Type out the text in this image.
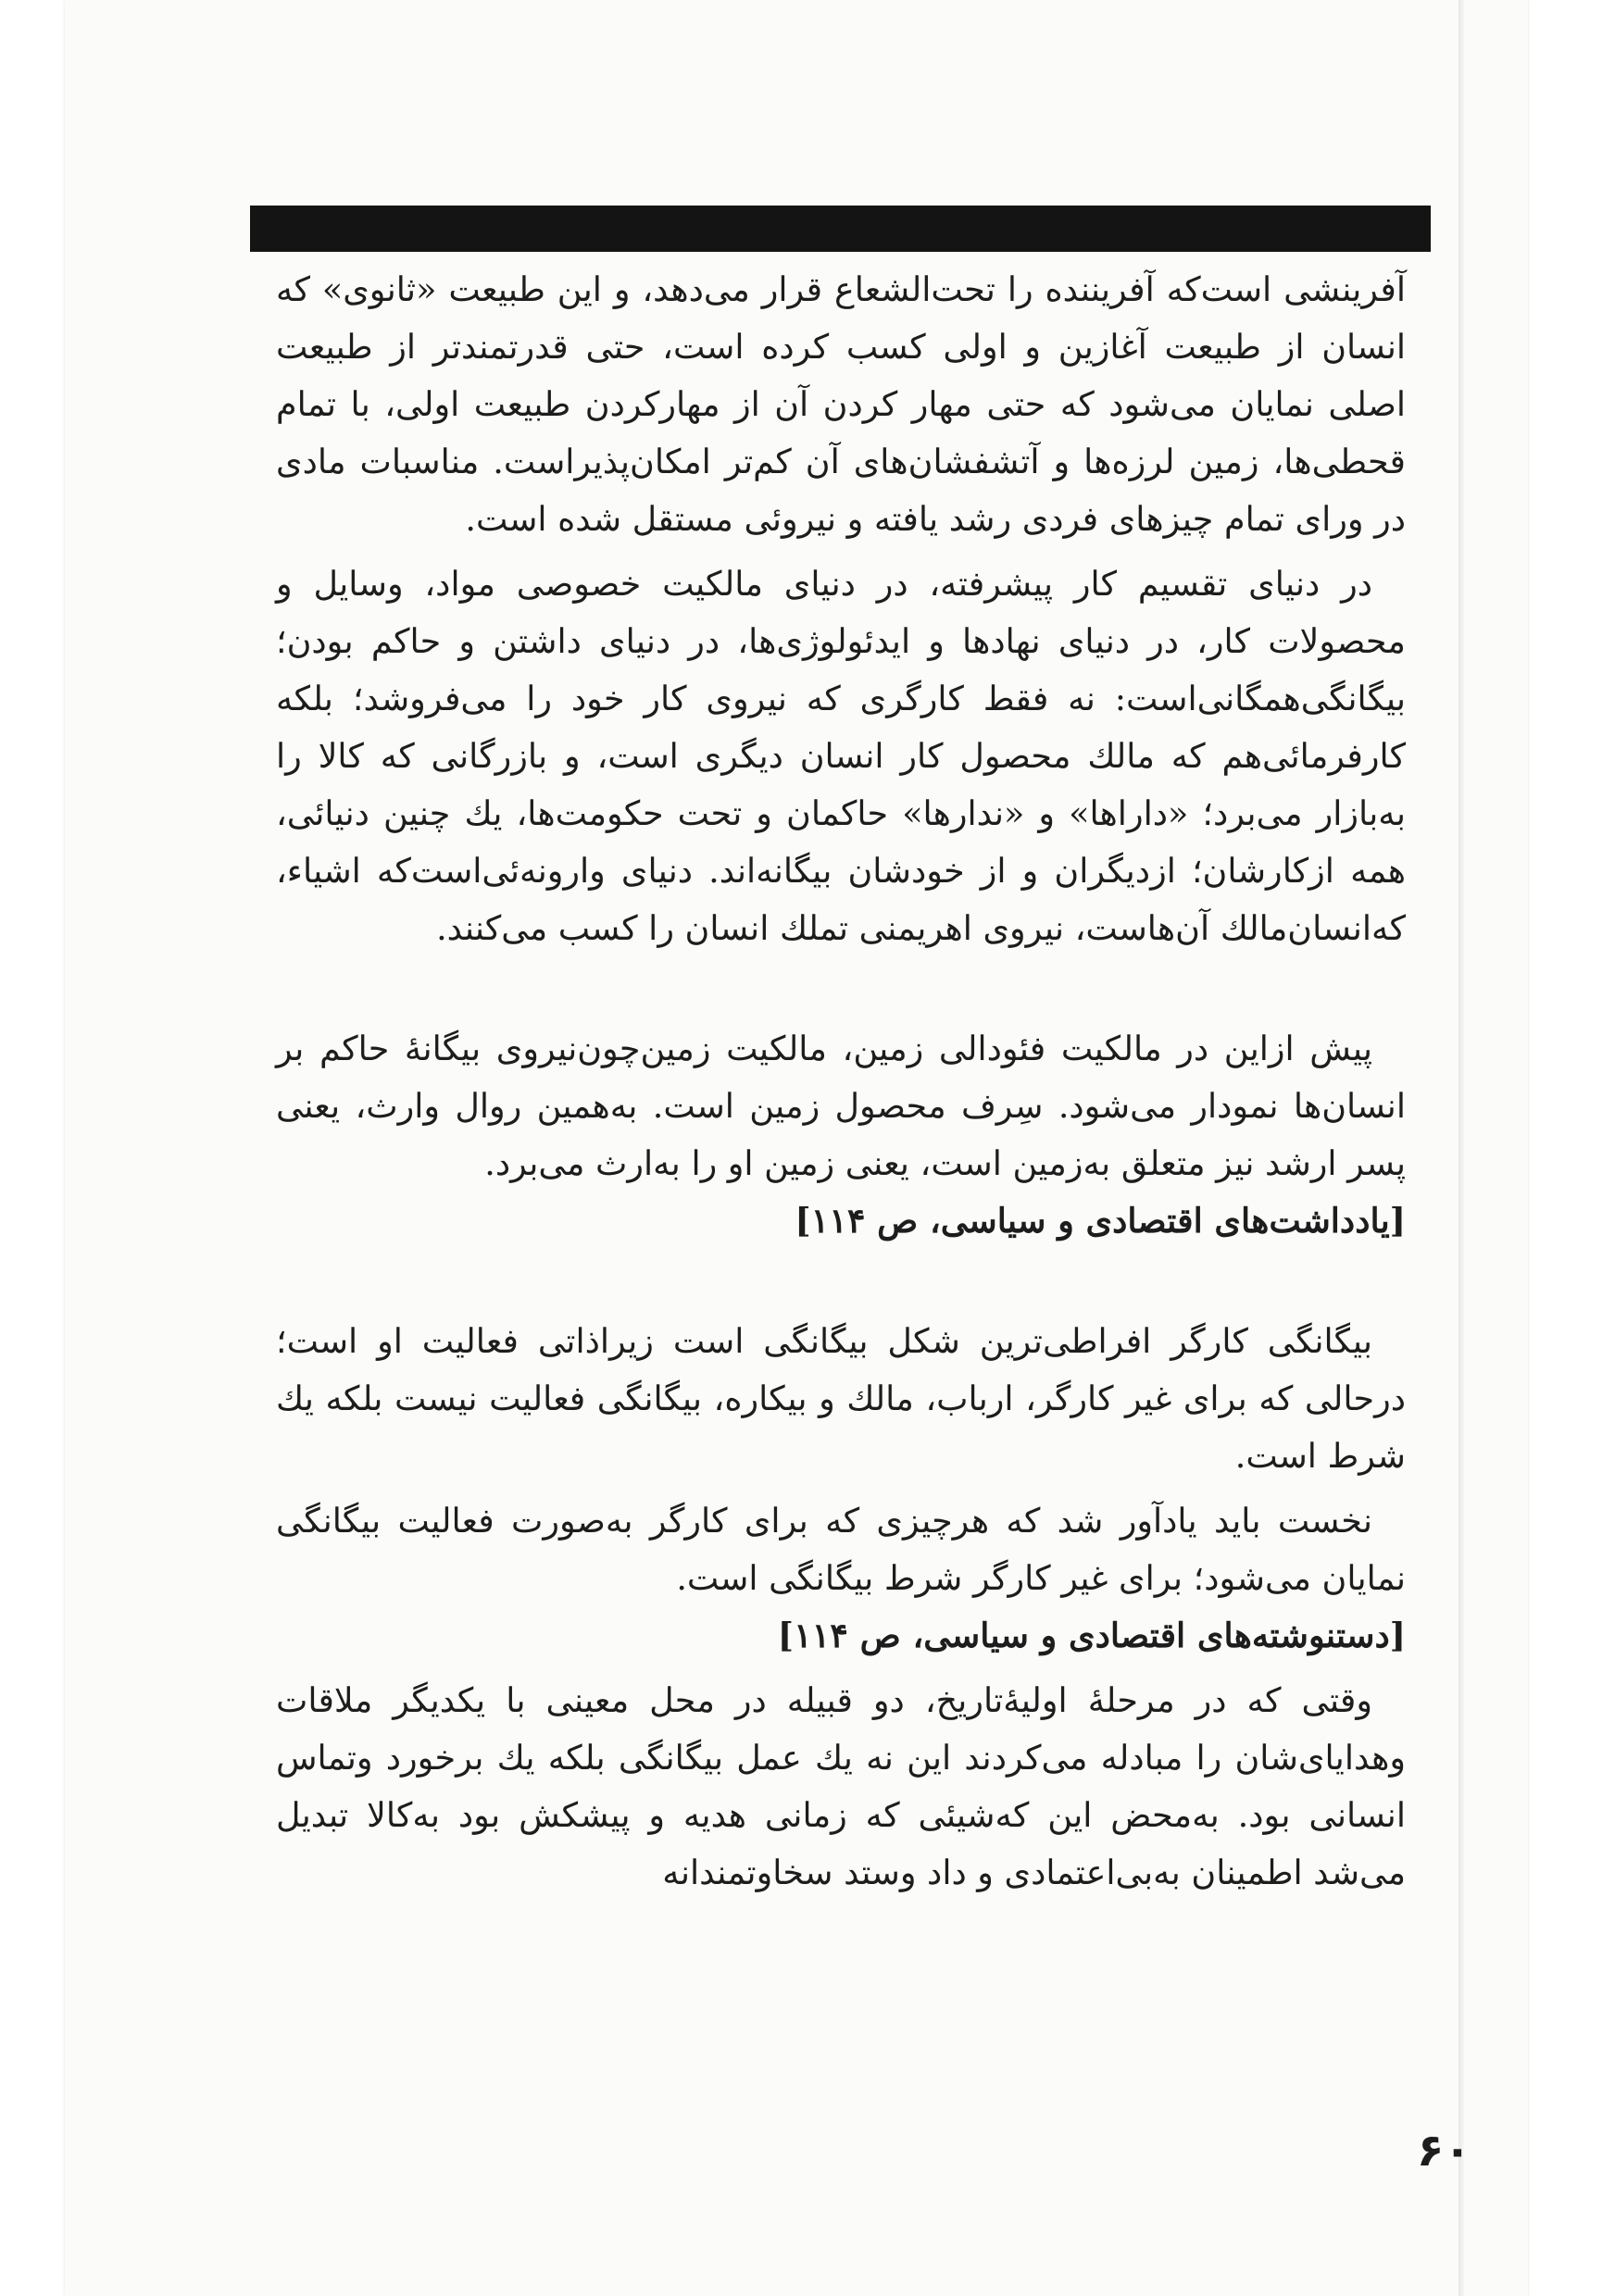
آفرینشی است‌که آفریننده را تحت‌الشعاع قرار می‌دهد، و این طبیعت «ثانوی» که انسان از طبیعت آغازین و اولی کسب کرده است، حتی قدرتمندتر از طبیعت اصلی نمایان می‌شود که حتی مهار کردن آن از مهارکردن طبیعت اولی، با تمام قحطی‌ها، زمین لرزه‌ها و آتشفشان‌های آن کم‌تر امکان‌پذیراست. مناسبات مادی در ورای تمام چیزهای فردی رشد یافته و نیروئی مستقل شده است.

در دنیای تقسیم کار پیشرفته، در دنیای مالکیت خصوصی مواد، وسایل و محصولات کار، در دنیای نهادها و ایدئولوژی‌ها، در دنیای داشتن و حاکم بودن؛ بیگانگی‌همگانی‌است: نه فقط کارگری که نیروی کار خود را می‌فروشد؛ بلکه کارفرمائی‌هم که مالك محصول کار انسان دیگری است، و بازرگانی که کالا را به‌بازار می‌برد؛ «داراها» و «ندارها» حاکمان و تحت حکومت‌ها، یك چنین دنیائی، همه ازکارشان؛ ازدیگران و از خودشان بیگانه‌اند. دنیای وارونه‌ئی‌است‌که اشیاء، که‌انسان‌مالك آن‌هاست، نیروی اهریمنی تملك انسان را کسب می‌کنند.

پیش ازاین در مالکیت فئودالی زمین، مالکیت زمین‌چون‌نیروی بیگانهٔ حاکم بر انسان‌ها نمودار می‌شود. سِرف محصول زمین است. به‌همین روال وارث، یعنی پسر ارشد نیز متعلق به‌زمین است، یعنی زمین او را به‌ارث می‌برد.

[یادداشت‌های اقتصادی و سیاسی، ص ۱۱۴]

بیگانگی کارگر افراطی‌ترین شکل بیگانگی است زیراذاتی فعالیت او است؛ درحالی که برای غیر کارگر، ارباب، مالك و بیکاره، بیگانگی فعالیت نیست بلکه یك شرط است.

نخست باید یادآور شد که هرچیزی که برای کارگر به‌صورت فعالیت بیگانگی نمایان می‌شود؛ برای غیر کارگر شرط بیگانگی است.

[دستنوشته‌های اقتصادی و سیاسی، ص ۱۱۴]

وقتی که در مرحلهٔ اولیهٔ‌تاریخ، دو قبیله در محل معینی با یکدیگر ملاقات وهدایای‌شان را مبادله می‌کردند این نه یك عمل بیگانگی بلکه یك برخورد وتماس انسانی بود. به‌محض این که‌شیئی که زمانی هدیه و پیشکش بود به‌کالا تبدیل می‌شد اطمینان به‌بی‌اعتمادی و داد وستد سخاوتمندانه

۶۰
